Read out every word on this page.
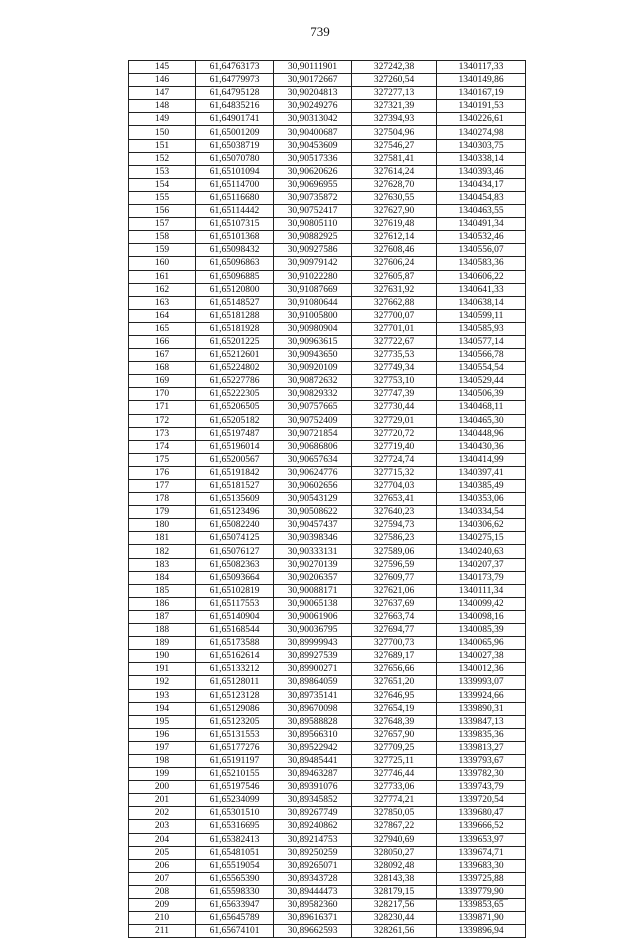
739
145	61,64763173	30,90111901	327242,38	1340117,33
146	61,64779973	30,90172667	327260,54	1340149,86
147	61,64795128	30,90204813	327277,13	1340167,19
148	61,64835216	30,90249276	327321,39	1340191,53
149	61,64901741	30,90313042	327394,93	1340226,61
150	61,65001209	30,90400687	327504,96	1340274,98
151	61,65038719	30,90453609	327546,27	1340303,75
152	61,65070780	30,90517336	327581,41	1340338,14
153	61,65101094	30,90620626	327614,24	1340393,46
154	61,65114700	30,90696955	327628,70	1340434,17
155	61,65116680	30,90735872	327630,55	1340454,83
156	61,65114442	30,90752417	327627,90	1340463,55
157	61,65107315	30,90805110	327619,48	1340491,34
158	61,65101368	30,90882925	327612,14	1340532,46
159	61,65098432	30,90927586	327608,46	1340556,07
160	61,65096863	30,90979142	327606,24	1340583,36
161	61,65096885	30,91022280	327605,87	1340606,22
162	61,65120800	30,91087669	327631,92	1340641,33
163	61,65148527	30,91080644	327662,88	1340638,14
164	61,65181288	30,91005800	327700,07	1340599,11
165	61,65181928	30,90980904	327701,01	1340585,93
166	61,65201225	30,90963615	327722,67	1340577,14
167	61,65212601	30,90943650	327735,53	1340566,78
168	61,65224802	30,90920109	327749,34	1340554,54
169	61,65227786	30,90872632	327753,10	1340529,44
170	61,65222305	30,90829332	327747,39	1340506,39
171	61,65206505	30,90757665	327730,44	1340468,11
172	61,65205182	30,90752409	327729,01	1340465,30
173	61,65197487	30,90721854	327720,72	1340448,96
174	61,65196014	30,90686806	327719,40	1340430,36
175	61,65200567	30,90657634	327724,74	1340414,99
176	61,65191842	30,90624776	327715,32	1340397,41
177	61,65181527	30,90602656	327704,03	1340385,49
178	61,65135609	30,90543129	327653,41	1340353,06
179	61,65123496	30,90508622	327640,23	1340334,54
180	61,65082240	30,90457437	327594,73	1340306,62
181	61,65074125	30,90398346	327586,23	1340275,15
182	61,65076127	30,90333131	327589,06	1340240,63
183	61,65082363	30,90270139	327596,59	1340207,37
184	61,65093664	30,90206357	327609,77	1340173,79
185	61,65102819	30,90088171	327621,06	1340111,34
186	61,65117553	30,90065138	327637,69	1340099,42
187	61,65140904	30,90061906	327663,74	1340098,16
188	61,65168544	30,90036795	327694,77	1340085,39
189	61,65173588	30,89999943	327700,73	1340065,96
190	61,65162614	30,89927539	327689,17	1340027,38
191	61,65133212	30,89900271	327656,66	1340012,36
192	61,65128011	30,89864059	327651,20	1339993,07
193	61,65123128	30,89735141	327646,95	1339924,66
194	61,65129086	30,89670098	327654,19	1339890,31
195	61,65123205	30,89588828	327648,39	1339847,13
196	61,65131553	30,89566310	327657,90	1339835,36
197	61,65177276	30,89522942	327709,25	1339813,27
198	61,65191197	30,89485441	327725,11	1339793,67
199	61,65210155	30,89463287	327746,44	1339782,30
200	61,65197546	30,89391076	327733,06	1339743,79
201	61,65234099	30,89345852	327774,21	1339720,54
202	61,65301510	30,89267749	327850,05	1339680,47
203	61,65316695	30,89240862	327867,22	1339666,52
204	61,65382413	30,89214753	327940,69	1339653,97
205	61,65481051	30,89250259	328050,27	1339674,71
206	61,65519054	30,89265071	328092,48	1339683,30
207	61,65565390	30,89343728	328143,38	1339725,88
208	61,65598330	30,89444473	328179,15	1339779,90
209	61,65633947	30,89582360	328217,56	1339853,65
210	61,65645789	30,89616371	328230,44	1339871,90
211	61,65674101	30,89662593	328261,56	1339896,94
